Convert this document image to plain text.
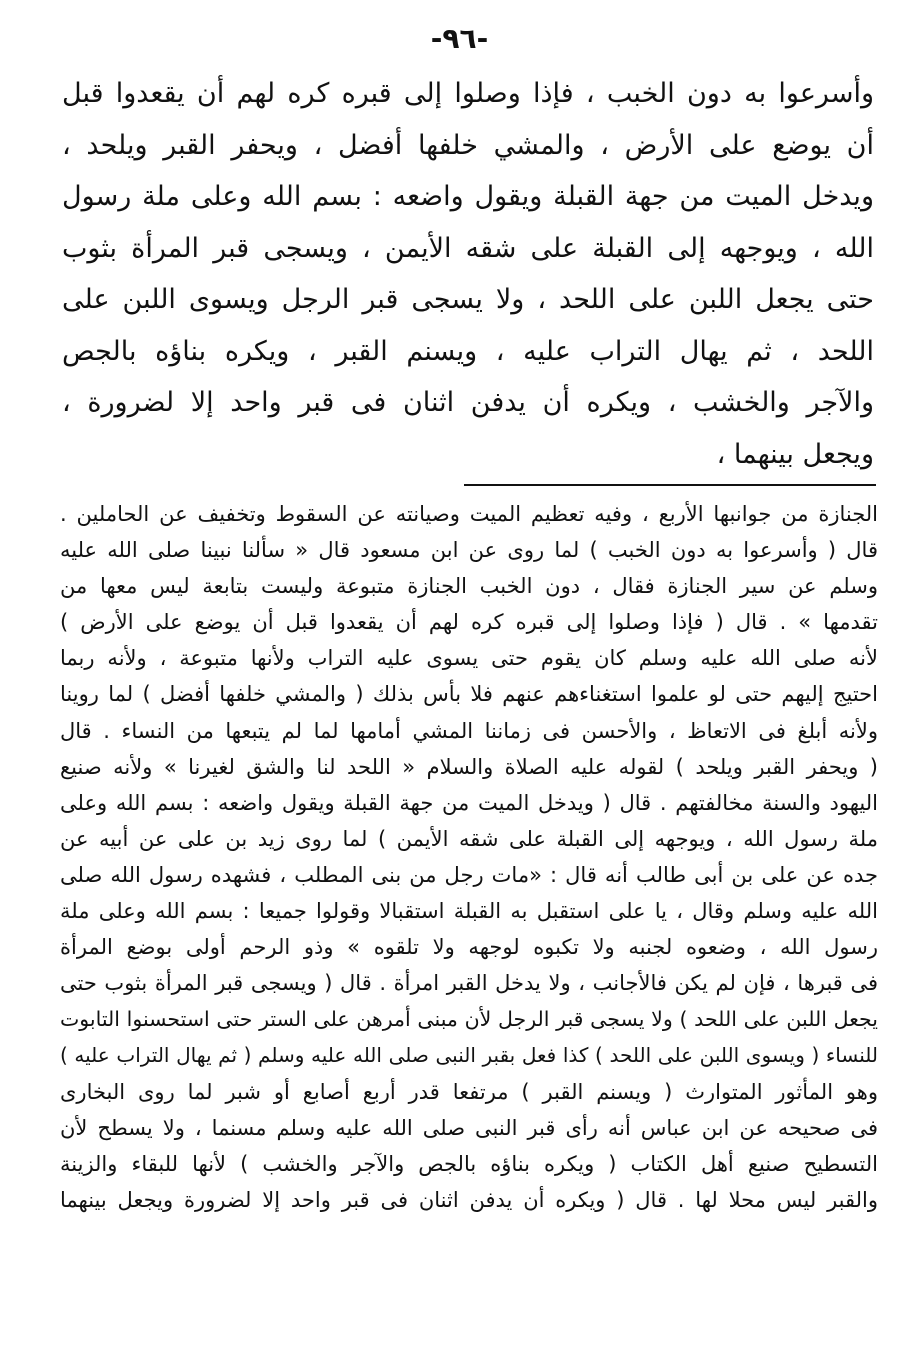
-٩٦-
وأسرعوا به دون الخبب ، فإذا وصلوا إلى قبره كره لهم أن يقعدوا قبل
أن يوضع على الأرض ، والمشي خلفها أفضل ، ويحفر القبر ويلحد ،
ويدخل الميت من جهة القبلة ويقول واضعه : بسم الله وعلى ملة رسول
الله ، ويوجهه إلى القبلة على شقه الأيمن ، ويسجى قبر المرأة بثوب
حتى يجعل اللبن على اللحد ، ولا يسجى قبر الرجل ويسوى اللبن على
اللحد ، ثم يهال التراب عليه ، ويسنم القبر ، ويكره بناؤه بالجص
والآجر والخشب ، ويكره أن يدفن اثنان فى قبر واحد إلا لضرورة ،
ويجعل بينهما ،
الجنازة من جوانبها الأربع ، وفيه تعظيم الميت وصيانته عن السقوط وتخفيف عن الحاملين .
قال ( وأسرعوا به دون الخبب ) لما روى عن ابن مسعود قال « سألنا نبينا صلى الله عليه
وسلم عن سير الجنازة فقال ، دون الخبب الجنازة متبوعة وليست بتابعة ليس معها من
تقدمها » . قال ( فإذا وصلوا إلى قبره كره لهم أن يقعدوا قبل أن يوضع على الأرض )
لأنه صلى الله عليه وسلم كان يقوم حتى يسوى عليه التراب ولأنها متبوعة ، ولأنه ربما
احتيج إليهم حتى لو علموا استغناءهم عنهم فلا بأس بذلك ( والمشي خلفها أفضل ) لما روينا
ولأنه أبلغ فى الاتعاظ ، والأحسن فى زماننا المشي أمامها لما لم يتبعها من النساء . قال
( ويحفر القبر ويلحد ) لقوله عليه الصلاة والسلام « اللحد لنا والشق لغيرنا » ولأنه صنيع
اليهود والسنة مخالفتهم . قال ( ويدخل الميت من جهة القبلة ويقول واضعه : بسم الله وعلى
ملة رسول الله ، ويوجهه إلى القبلة على شقه الأيمن ) لما روى زيد بن على عن أبيه عن
جده عن على بن أبى طالب أنه قال : «مات رجل من بنى المطلب ، فشهده رسول الله صلى
الله عليه وسلم وقال ، يا على استقبل به القبلة استقبالا وقولوا جميعا : بسم الله وعلى ملة
رسول الله ، وضعوه لجنبه ولا تكبوه لوجهه ولا تلقوه » وذو الرحم أولى بوضع المرأة
فى قبرها ، فإن لم يكن فالأجانب ، ولا يدخل القبر امرأة . قال ( ويسجى قبر المرأة بثوب حتى
يجعل اللبن على اللحد ) ولا يسجى قبر الرجل لأن مبنى أمرهن على الستر حتى استحسنوا التابوت
للنساء ( ويسوى اللبن على اللحد ) كذا فعل بقبر النبى صلى الله عليه وسلم ( ثم يهال التراب عليه )
وهو المأثور المتوارث ( ويسنم القبر ) مرتفعا قدر أربع أصابع أو شبر لما روى البخارى
فى صحيحه عن ابن عباس أنه رأى قبر النبى صلى الله عليه وسلم مسنما ، ولا يسطح لأن
التسطيح صنيع أهل الكتاب ( ويكره بناؤه بالجص والآجر والخشب ) لأنها للبقاء والزينة
والقبر ليس محلا لها . قال ( ويكره أن يدفن اثنان فى قبر واحد إلا لضرورة ويجعل بينهما
